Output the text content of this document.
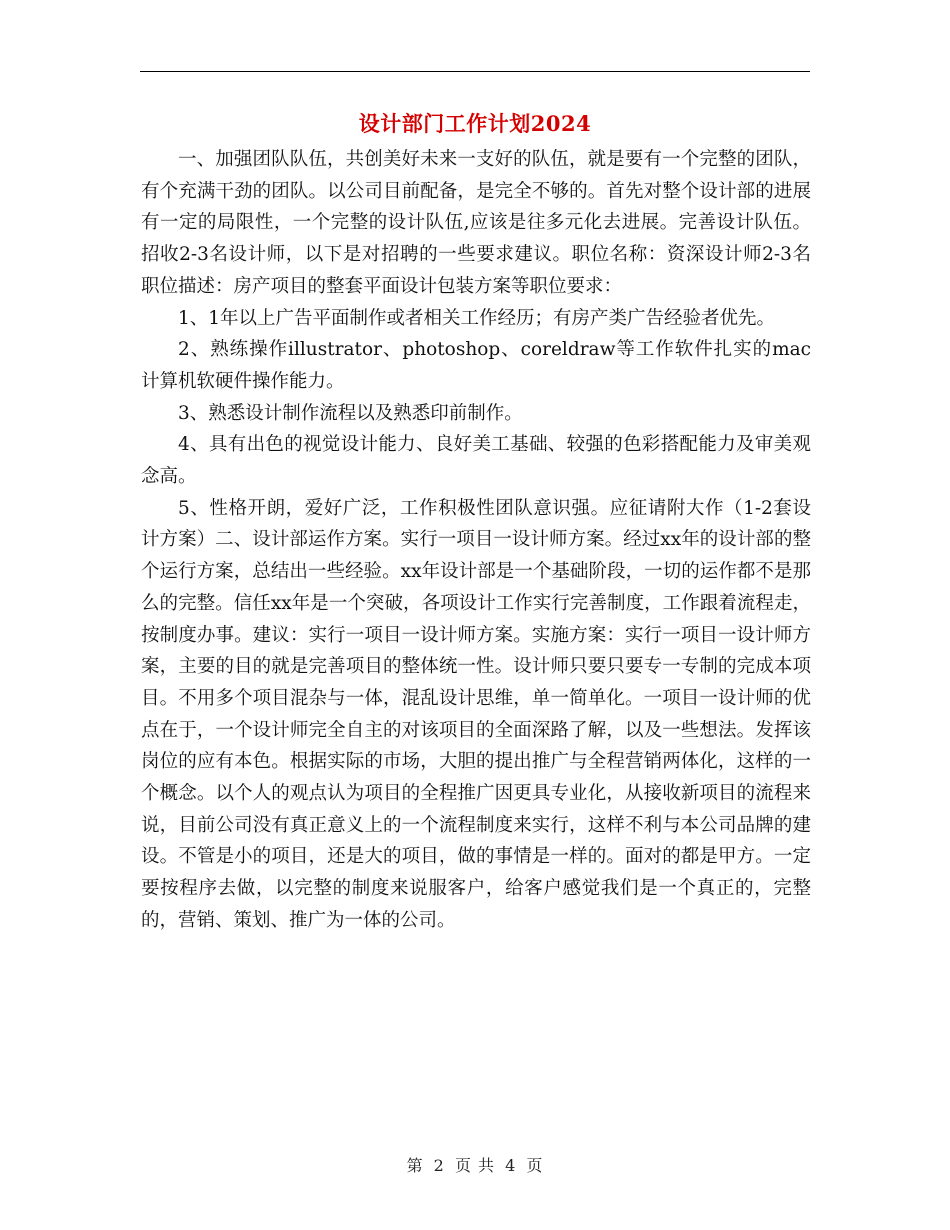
设计部门工作计划2024

一、加强团队队伍，共创美好未来一支好的队伍，就是要有一个完整的团队，有个充满干劲的团队。以公司目前配备，是完全不够的。首先对整个设计部的进展有一定的局限性，一个完整的设计队伍,应该是往多元化去进展。完善设计队伍。招收2-3名设计师，以下是对招聘的一些要求建议。职位名称：资深设计师2-3名职位描述：房产项目的整套平面设计包装方案等职位要求：

1、1年以上广告平面制作或者相关工作经历；有房产类广告经验者优先。

2、熟练操作illustrator、photoshop、coreldraw等工作软件扎实的mac计算机软硬件操作能力。

3、熟悉设计制作流程以及熟悉印前制作。

4、具有出色的视觉设计能力、良好美工基础、较强的色彩搭配能力及审美观念高。

5、性格开朗，爱好广泛，工作积极性团队意识强。应征请附大作（1-2套设计方案）二、设计部运作方案。实行一项目一设计师方案。经过xx年的设计部的整个运行方案，总结出一些经验。xx年设计部是一个基础阶段，一切的运作都不是那么的完整。信任xx年是一个突破，各项设计工作实行完善制度，工作跟着流程走，按制度办事。建议：实行一项目一设计师方案。实施方案：实行一项目一设计师方案，主要的目的就是完善项目的整体统一性。设计师只要只要专一专制的完成本项目。不用多个项目混杂与一体，混乱设计思维，单一简单化。一项目一设计师的优点在于，一个设计师完全自主的对该项目的全面深路了解，以及一些想法。发挥该岗位的应有本色。根据实际的市场，大胆的提出推广与全程营销两体化，这样的一个概念。以个人的观点认为项目的全程推广因更具专业化，从接收新项目的流程来说，目前公司没有真正意义上的一个流程制度来实行，这样不利与本公司品牌的建设。不管是小的项目，还是大的项目，做的事情是一样的。面对的都是甲方。一定要按程序去做，以完整的制度来说服客户，给客户感觉我们是一个真正的，完整的，营销、策划、推广为一体的公司。

第 2 页 共 4 页
